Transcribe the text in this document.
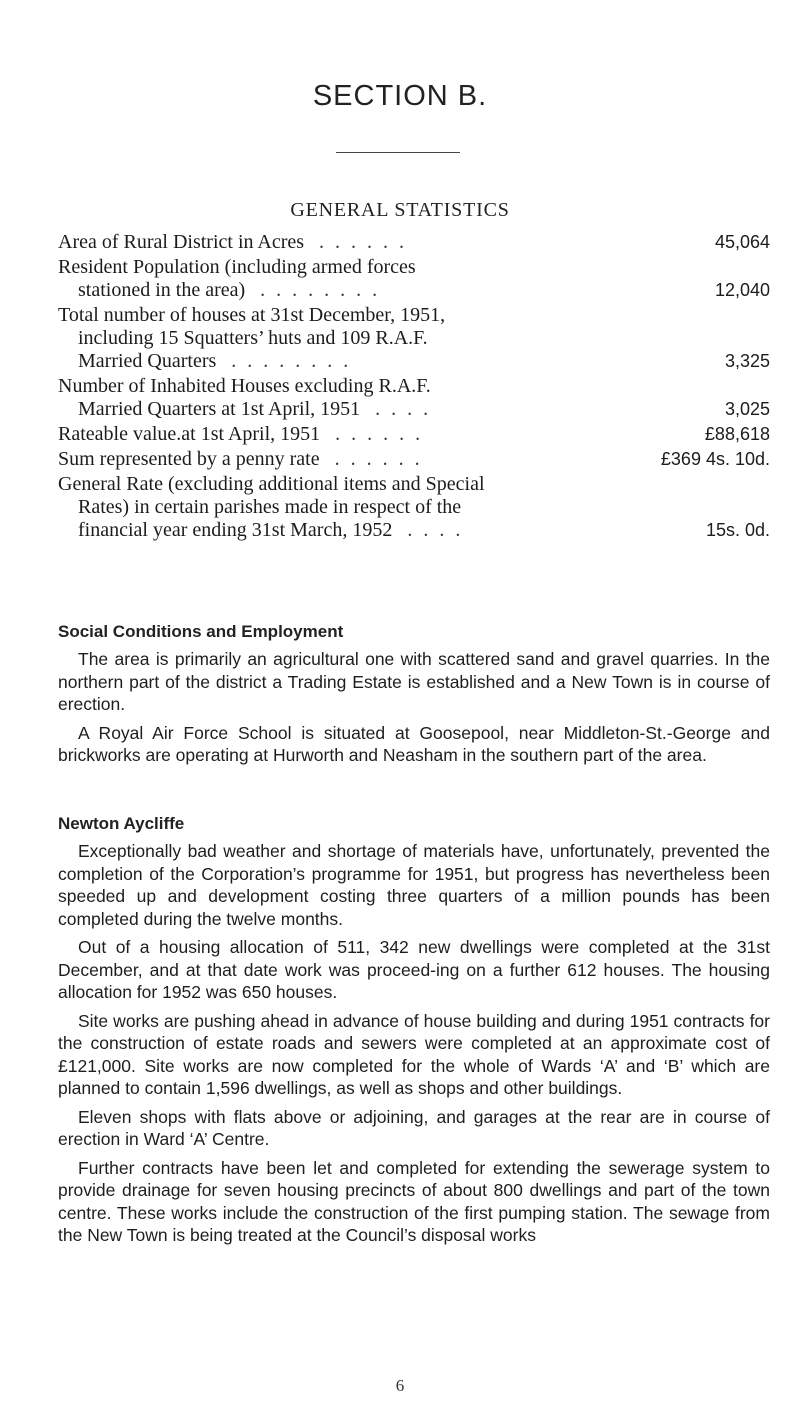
SECTION B.
GENERAL STATISTICS
Area of Rural District in Acres . . . . . .	45,064
Resident Population (including armed forces
stationed in the area) . . . . . . . .	12,040
Total number of houses at 31st December, 1951,
including 15 Squatters’ huts and 109 R.A.F.
Married Quarters . . . . . . . .	3,325
Number of Inhabited Houses excluding R.A.F.
Married Quarters at 1st April, 1951 . . . .	3,025
Rateable value.at 1st April, 1951 . . . . . .	£88,618
Sum represented by a penny rate . . . . . .	£369 4s. 10d.
General Rate (excluding additional items and Special
Rates) in certain parishes made in respect of the
financial year ending 31st March, 1952 . . . .	15s. 0d.
Social Conditions and Employment

The area is primarily an agricultural one with scattered sand and gravel quarries. In the northern part of the district a Trading Estate is established and a New Town is in course of erection.

A Royal Air Force School is situated at Goosepool, near Middleton-St.-George and brickworks are operating at Hurworth and Neasham in the southern part of the area.

Newton Aycliffe

Exceptionally bad weather and shortage of materials have, unfortunately, prevented the completion of the Corporation’s programme for 1951, but progress has nevertheless been speeded up and development costing three quarters of a million pounds has been completed during the twelve months.

Out of a housing allocation of 511, 342 new dwellings were completed at the 31st December, and at that date work was proceed-ing on a further 612 houses. The housing allocation for 1952 was 650 houses.

Site works are pushing ahead in advance of house building and during 1951 contracts for the construction of estate roads and sewers were completed at an approximate cost of £121,000. Site works are now completed for the whole of Wards ‘A’ and ‘B’ which are planned to contain 1,596 dwellings, as well as shops and other buildings.

Eleven shops with flats above or adjoining, and garages at the rear are in course of erection in Ward ‘A’ Centre.

Further contracts have been let and completed for extending the sewerage system to provide drainage for seven housing precincts of about 800 dwellings and part of the town centre. These works include the construction of the first pumping station. The sewage from the New Town is being treated at the Council’s disposal works

6
